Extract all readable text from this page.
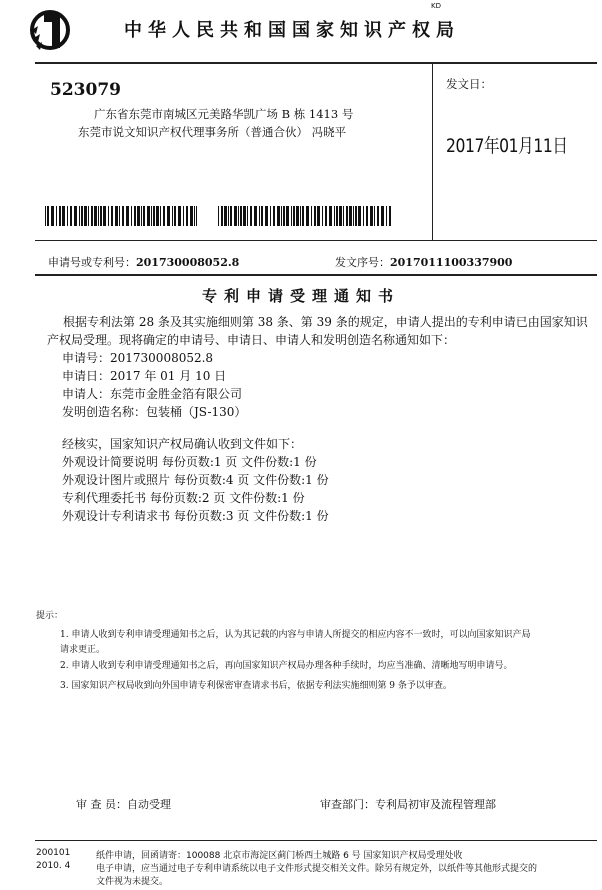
KD
中华人民共和国国家知识产权局
523079
广东省东莞市南城区元美路华凯广场 B 栋 1413 号
东莞市说文知识产权代理事务所（普通合伙） 冯晓平
发文日：
2017年01月11日
申请号或专利号：201730008052.8	发文序号：2017011100337900
专利申请受理通知书
根据专利法第 28 条及其实施细则第 38 条、第 39 条的规定，申请人提出的专利申请已由国家知识产权局受理。现将确定的申请号、申请日、申请人和发明创造名称通知如下：
申请号：201730008052.8
申请日：2017 年 01 月 10 日
申请人：东莞市金胜金箔有限公司
发明创造名称：包装桶（JS-130）
经核实，国家知识产权局确认收到文件如下：
外观设计简要说明 每份页数:1 页 文件份数:1 份
外观设计图片或照片 每份页数:4 页 文件份数:1 份
专利代理委托书 每份页数:2 页 文件份数:1 份
外观设计专利请求书 每份页数:3 页 文件份数:1 份
提示：
1. 申请人收到专利申请受理通知书之后，认为其记载的内容与申请人所提交的相应内容不一致时，可以向国家知识产局
请求更正。
2. 申请人收到专利申请受理通知书之后，再向国家知识产权局办理各种手续时，均应当准确、清晰地写明申请号。
3. 国家知识产权局收到向外国申请专利保密审查请求书后，依据专利法实施细则第 9 条予以审查。
审 查 员：自动受理	审查部门：专利局初审及流程管理部
200101
2010. 4
纸件申请，回函请寄：100088 北京市海淀区蓟门桥西土城路 6 号 国家知识产权局受理处收
电子申请，应当通过电子专利申请系统以电子文件形式提交相关文件。除另有规定外，以纸件等其他形式提交的
文件视为未提交。
